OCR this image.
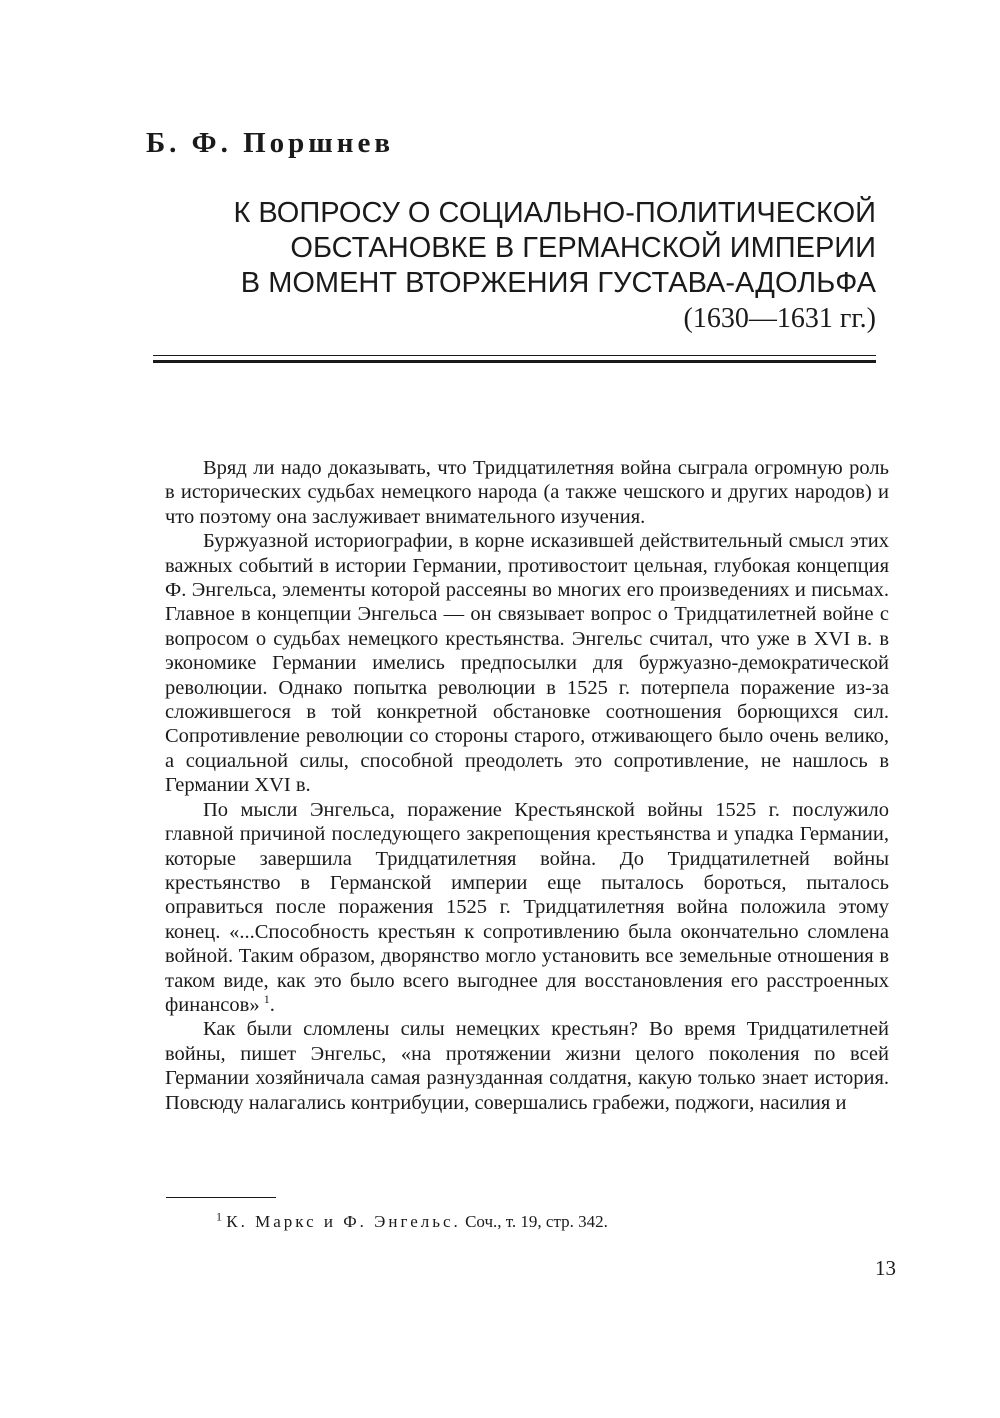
Б. Ф. Поршнев
К ВОПРОСУ О СОЦИАЛЬНО-ПОЛИТИЧЕСКОЙ
ОБСТАНОВКЕ В ГЕРМАНСКОЙ ИМПЕРИИ
В МОМЕНТ ВТОРЖЕНИЯ ГУСТАВА-АДОЛЬФА
(1630—1631 гг.)

Вряд ли надо доказывать, что Тридцатилетняя война сыграла огромную роль в исторических судьбах немецкого народа (а также чешского и других народов) и что поэтому она заслуживает внимательного изучения.

Буржуазной историографии, в корне исказившей действительный смысл этих важных событий в истории Германии, противостоит цельная, глубокая концепция Ф. Энгельса, элементы которой рассеяны во многих его произведениях и письмах. Главное в концепции Энгельса — он связывает вопрос о Тридцатилетней войне с вопросом о судьбах немецкого крестьянства. Энгельс считал, что уже в XVI в. в экономике Германии имелись предпосылки для буржуазно-демократической революции. Однако попытка революции в 1525 г. потерпела поражение из-за сложившегося в той конкретной обстановке соотношения борющихся сил. Сопротивление революции со стороны старого, отживающего было очень велико, а социальной силы, способной преодолеть это сопротивление, не нашлось в Германии XVI в.

По мысли Энгельса, поражение Крестьянской войны 1525 г. послужило главной причиной последующего закрепощения крестьянства и упадка Германии, которые завершила Тридцатилетняя война. До Тридцатилетней войны крестьянство в Германской империи еще пыталось бороться, пыталось оправиться после поражения 1525 г. Тридцатилетняя война положила этому конец. «...Способность крестьян к сопротивлению была окончательно сломлена войной. Таким образом, дворянство могло установить все земельные отношения в таком виде, как это было всего выгоднее для восстановления его расстроенных финансов»  $^1$.

Как были сломлены силы немецких крестьян? Во время Тридцатилетней войны, пишет Энгельс, «на протяжении жизни целого поколения по всей Германии хозяйничала самая разнузданная солдатня, какую только знает история. Повсюду налагались контрибуции, совершались грабежи, поджоги, насилия и

$^1$ К. Маркс и Ф. Энгельс. Соч., т. 19, стр. 342.
13
